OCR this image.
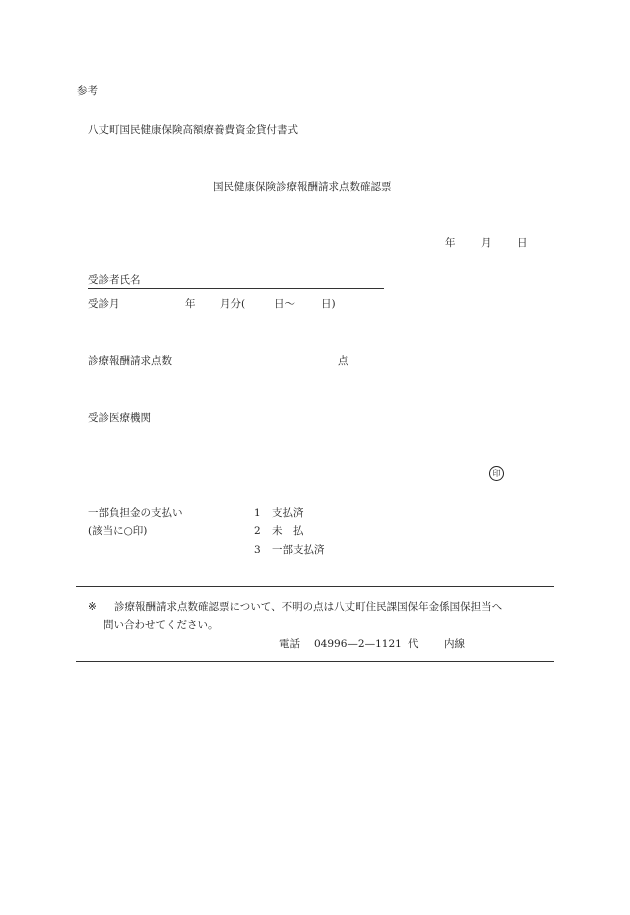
参考
八丈町国民健康保険高額療養費資金貸付書式
国民健康保険診療報酬請求点数確認票
年 月 日
受診者氏名
受診月	年 月分(	日〜 日)
診療報酬請求点数	点
受診医療機関
印
一部負担金の支払い
(該当に○印)
1 支払済
2 未　払
3 一部支払済
※ 診療報酬請求点数確認票について、不明の点は八丈町住民課国保年金係国保担当へ
問い合わせてください。
電話 04996—2—1121 代 内線
